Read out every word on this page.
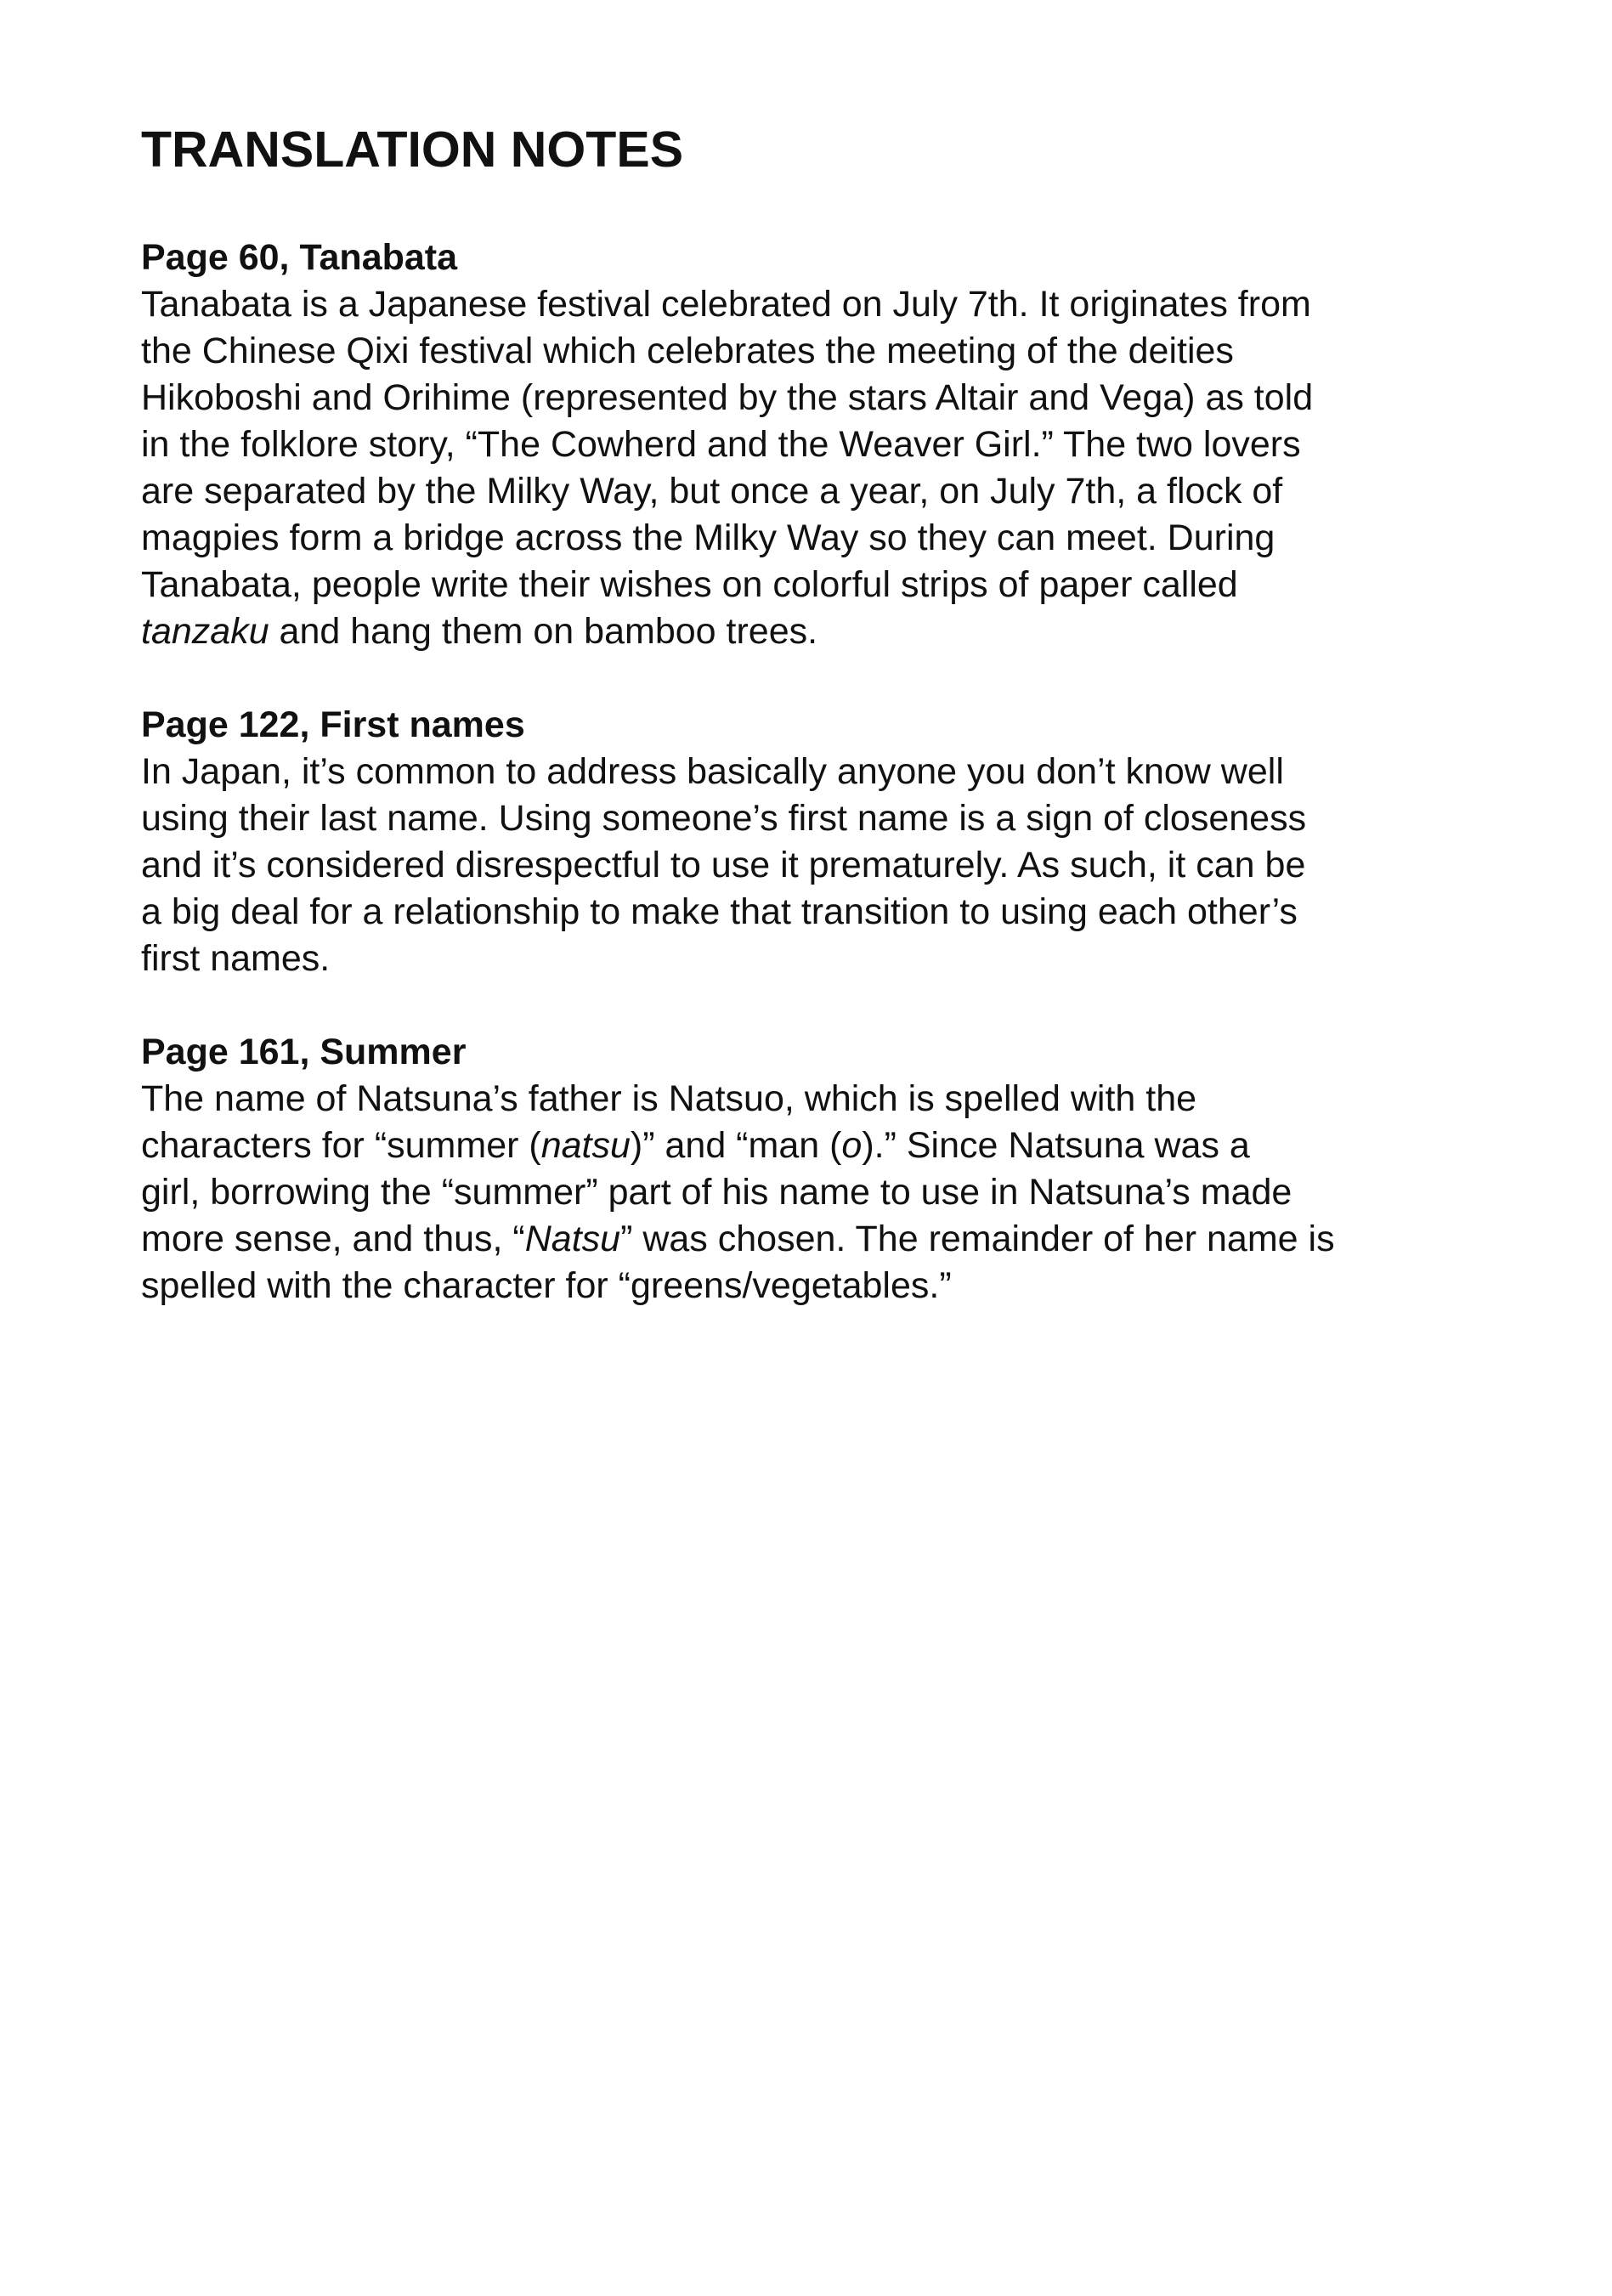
TRANSLATION NOTES

Page 60, Tanabata

Tanabata is a Japanese festival celebrated on July 7th. It originates from
the Chinese Qixi festival which celebrates the meeting of the deities
Hikoboshi and Orihime (represented by the stars Altair and Vega) as told
in the folklore story, “The Cowherd and the Weaver Girl.” The two lovers
are separated by the Milky Way, but once a year, on July 7th, a flock of
magpies form a bridge across the Milky Way so they can meet. During
Tanabata, people write their wishes on colorful strips of paper called
tanzaku and hang them on bamboo trees.

Page 122, First names

In Japan, it’s common to address basically anyone you don’t know well
using their last name. Using someone’s first name is a sign of closeness
and it’s considered disrespectful to use it prematurely. As such, it can be
a big deal for a relationship to make that transition to using each other’s
first names.

Page 161, Summer

The name of Natsuna’s father is Natsuo, which is spelled with the
characters for “summer (natsu)” and “man (o).” Since Natsuna was a
girl, borrowing the “summer” part of his name to use in Natsuna’s made
more sense, and thus, “Natsu” was chosen. The remainder of her name is
spelled with the character for “greens/vegetables.”
